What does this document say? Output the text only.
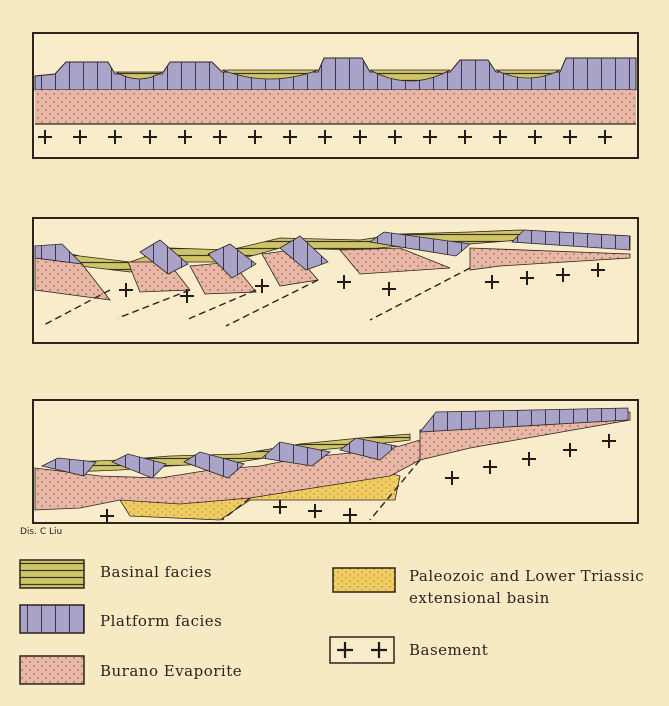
Dis. C Liu
Basinal facies
Platform facies
Burano Evaporite
Paleozoic and Lower Triassic
extensional basin
Basement
